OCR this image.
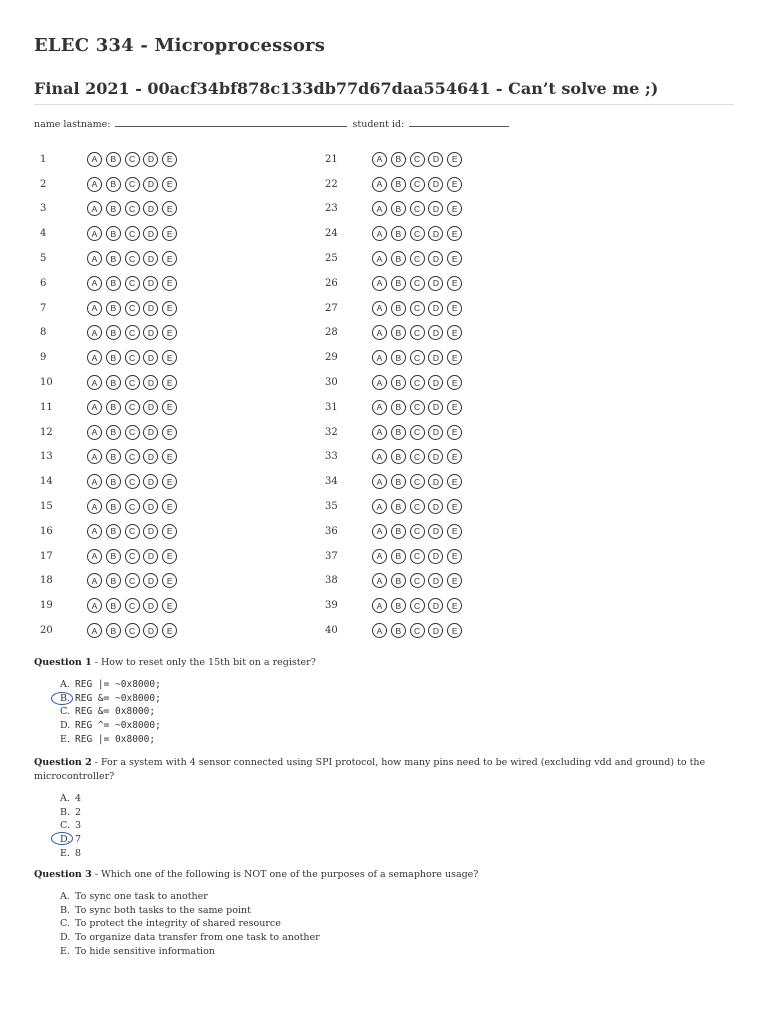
ELEC 334 - Microprocessors
Final 2021 - 00acf34bf878c133db77d67daa554641 - Can’t solve me ;)
name lastname:	student id:
1	A	B	C	D	E
2	A	B	C	D	E
3	A	B	C	D	E
4	A	B	C	D	E
5	A	B	C	D	E
6	A	B	C	D	E
7	A	B	C	D	E
8	A	B	C	D	E
9	A	B	C	D	E
10	A	B	C	D	E
11	A	B	C	D	E
12	A	B	C	D	E
13	A	B	C	D	E
14	A	B	C	D	E
15	A	B	C	D	E
16	A	B	C	D	E
17	A	B	C	D	E
18	A	B	C	D	E
19	A	B	C	D	E
20	A	B	C	D	E
21	A	B	C	D	E
22	A	B	C	D	E
23	A	B	C	D	E
24	A	B	C	D	E
25	A	B	C	D	E
26	A	B	C	D	E
27	A	B	C	D	E
28	A	B	C	D	E
29	A	B	C	D	E
30	A	B	C	D	E
31	A	B	C	D	E
32	A	B	C	D	E
33	A	B	C	D	E
34	A	B	C	D	E
35	A	B	C	D	E
36	A	B	C	D	E
37	A	B	C	D	E
38	A	B	C	D	E
39	A	B	C	D	E
40	A	B	C	D	E
Question 1 - How to reset only the 15th bit on a register?
A. REG |= ~0x8000;
B. REG &= ~0x8000;
C. REG &= 0x8000;
D. REG ^= ~0x8000;
E. REG |= 0x8000;
Question 2 - For a system with 4 sensor connected using SPI protocol, how many pins need to be wired (excluding vdd and ground) to the microcontroller?
A. 4
B. 2
C. 3
D. 7
E. 8
Question 3 - Which one of the following is NOT one of the purposes of a semaphore usage?
A. To sync one task to another
B. To sync both tasks to the same point
C. To protect the integrity of shared resource
D. To organize data transfer from one task to another
E. To hide sensitive information
